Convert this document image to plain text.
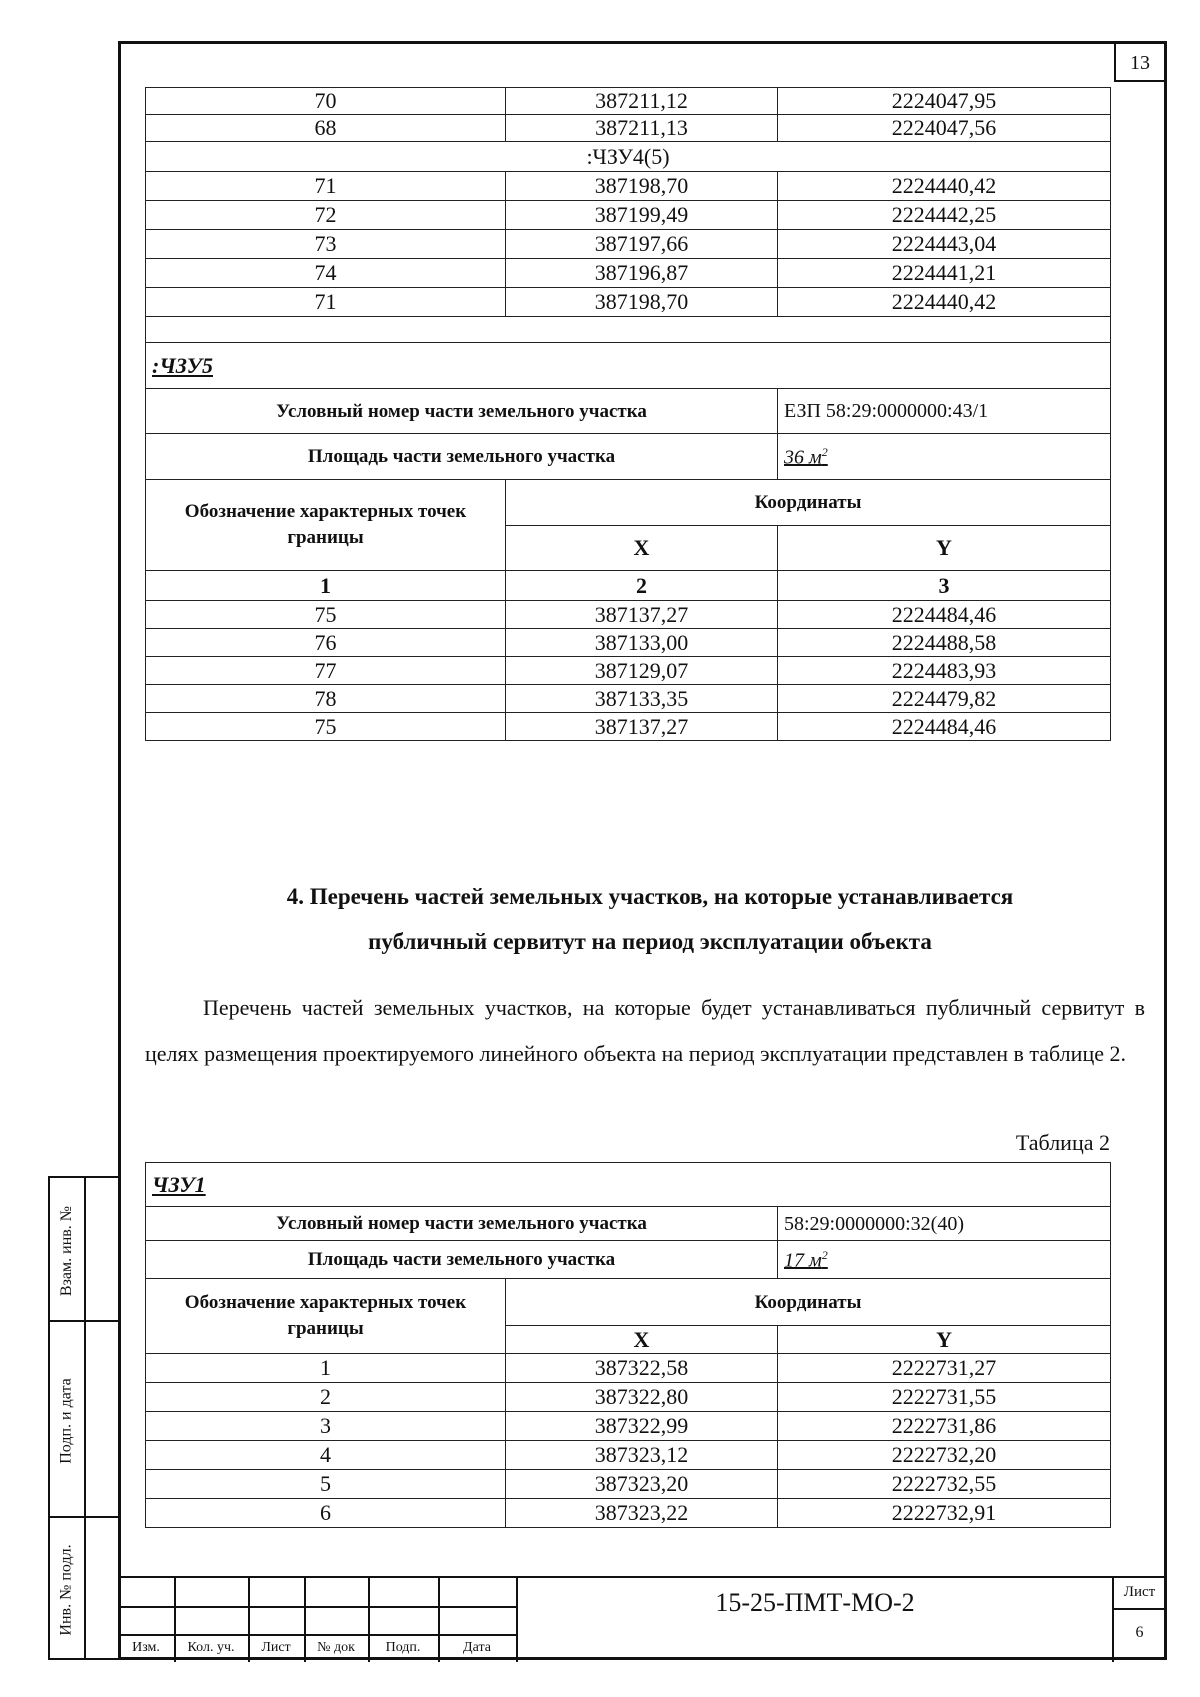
13
70	387211,12	2224047,95
68	387211,13	2224047,56
:ЧЗУ4(5)		
71	387198,70	2224440,42
72	387199,49	2224442,25
73	387197,66	2224443,04
74	387196,87	2224441,21
71	387198,70	2224440,42

:ЧЗУ5		
Условный номер части земельного участка		ЕЗП 58:29:0000000:43/1
Площадь части земельного участка		36 $м^2$
Обозначение характерных точек границы	Координаты	
	X	Y
1	2	3
75	387137,27	2224484,46
76	387133,00	2224488,58
77	387129,07	2224483,93
78	387133,35	2224479,82
75	387137,27	2224484,46
4. Перечень частей земельных участков, на которые устанавливается
публичный сервитут на период эксплуатации объекта
Перечень частей земельных участков, на которые будет устанавливаться публичный сервитут в целях размещения проектируемого линейного объекта на период эксплуатации представлен в таблице 2.
Таблица 2
ЧЗУ1		
Условный номер части земельного участка		58:29:0000000:32(40)
Площадь части земельного участка		17 $м^2$
Обозначение характерных точек границы	Координаты	
	X	Y
1	387322,58	2222731,27
2	387322,80	2222731,55
3	387322,99	2222731,86
4	387323,12	2222732,20
5	387323,20	2222732,55
6	387323,22	2222732,91
Взам. инв. №
Подп. и дата
Инв. № подл.
Изм.	Кол. уч.	Лист	№ док	Подп.	Дата
Лист
6
15-25-ПМТ-МО-2
